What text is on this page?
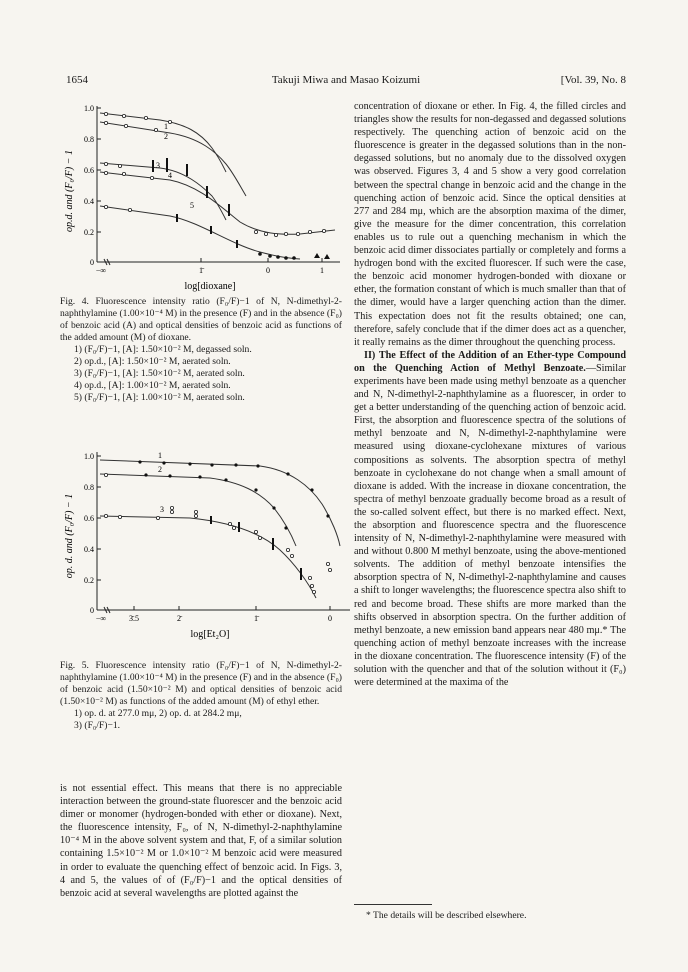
1654	Takuji Miwa and Masao Koizumi	[Vol. 39, No. 8
op.d. and (F₀/F) − 1
1.0
0.8
0.6
0.4
0.2
0
−∞	1̄	0	1
log[dioxane]
1
2
3
4
5

Fig. 4. Fluorescence intensity ratio (F₀/F)−1 of N, N-dimethyl-2-naphthylamine (1.00×10⁻⁴ M) in the presence (F) and in the absence (F₀) of benzoic acid (A) and optical densities of benzoic acid as functions of the added amount (M) of dioxane.

1) (F₀/F)−1, [A]: 1.50×10⁻² M, degassed soln.
2) op.d., [A]: 1.50×10⁻² M, aerated soln.
3) (F₀/F)−1, [A]: 1.50×10⁻² M, aerated soln.
4) op.d., [A]: 1.00×10⁻² M, aerated soln.
5) (F₀/F)−1, [A]: 1.00×10⁻² M, aerated soln.
op. d. and (F₀/F) − 1
1.0
0.8
0.6
0.4
0.2
0
−∞	3̄.5	2̄	1̄	0
log[Et₂O]
1
2
3

Fig. 5. Fluorescence intensity ratio (F₀/F)−1 of N, N-dimethyl-2-naphthylamine (1.00×10⁻⁴ M) in the presence (F) and in the absence (F₀) of benzoic acid (1.50×10⁻² M) and optical densities of benzoic acid (1.50×10⁻² M) as functions of the added amount (M) of ethyl ether.

1) op. d. at 277.0 mμ, 2) op. d. at 284.2 mμ,
3) (F₀/F)−1.

is not essential effect. This means that there is no appreciable interaction between the ground-state fluorescer and the benzoic acid dimer or monomer (hydrogen-bonded with ether or dioxane). Next, the fluorescence intensity, F₀, of N, N-dimethyl-2-naphthylamine 10⁻⁴ M in the above solvent system and that, F, of a similar solution containing 1.5×10⁻² M or 1.0×10⁻² M benzoic acid were measured in order to evaluate the quenching effect of benzoic acid. In Figs. 3, 4 and 5, the values of of (F₀/F)−1 and the optical densities of benzoic acid at several wavelengths are plotted against the

concentration of dioxane or ether. In Fig. 4, the filled circles and triangles show the results for non-degassed and degassed solutions respectively. The quenching action of benzoic acid on the fluorescence is greater in the degassed solutions than in the non-degassed solutions, but no anomaly due to the dissolved oxygen was observed. Figures 3, 4 and 5 show a very good correlation between the spectral change in benzoic acid and the change in the quenching action of benzoic acid. Since the optical densities at 277 and 284 mμ, which are the absorption maxima of the dimer, give the measure for the dimer concentration, this correlation enables us to rule out a quenching mechanism in which the benzoic acid dimer dissociates partially or completely and forms a hydrogen bond with the excited fluorescer. If such were the case, the benzoic acid monomer hydrogen-bonded with dioxane or ether, the formation constant of which is much smaller than that of the dimer, would have a larger quenching action than the dimer. This expectation does not fit the results obtained; one can, therefore, safely conclude that if the dimer does act as a quencher, it really remains as the dimer throughout the quenching process.

II) The Effect of the Addition of an Ether-type Compound on the Quenching Action of Methyl Benzoate.—Similar experiments have been made using methyl benzoate as a quencher and N, N-dimethyl-2-naphthylamine as a fluorescer, in order to get a better understanding of the quenching action of benzoic acid. First, the absorption and fluorescence spectra of the solutions of methyl benzoate and N, N-dimethyl-2-naphthylamine were measured using dioxane-cyclohexane mixtures of various compositions as solvents. The absorption spectra of methyl benzoate in cyclohexane do not change when a small amount of dioxane is added. With the increase in dioxane concentration, the spectra of methyl benzoate gradually become broad as a result of the so-called solvent effect, but there is no marked effect. Next, the absorption and fluorescence spectra and the fluorescence intensity of N, N-dimethyl-2-naphthylamine were measured with and without 0.800 M methyl benzoate, using the above-mentioned solvents. The addition of methyl benzoate intensifies the absorption spectra of N, N-dimethyl-2-naphthylamine and causes a shift to longer wavelengths; the fluorescence spectra also shift to red and become broad. These shifts are more marked than the shifts observed in absorption spectra. On the further addition of methyl benzoate, a new emission band appears near 480 mμ.* The quenching action of methyl benzoate increases with the increase in the dioxane concentration. The fluorescence intensity (F) of the solution with the quencher and that of the solution without it (F₀) were determined at the maxima of the

* The details will be described elsewhere.
